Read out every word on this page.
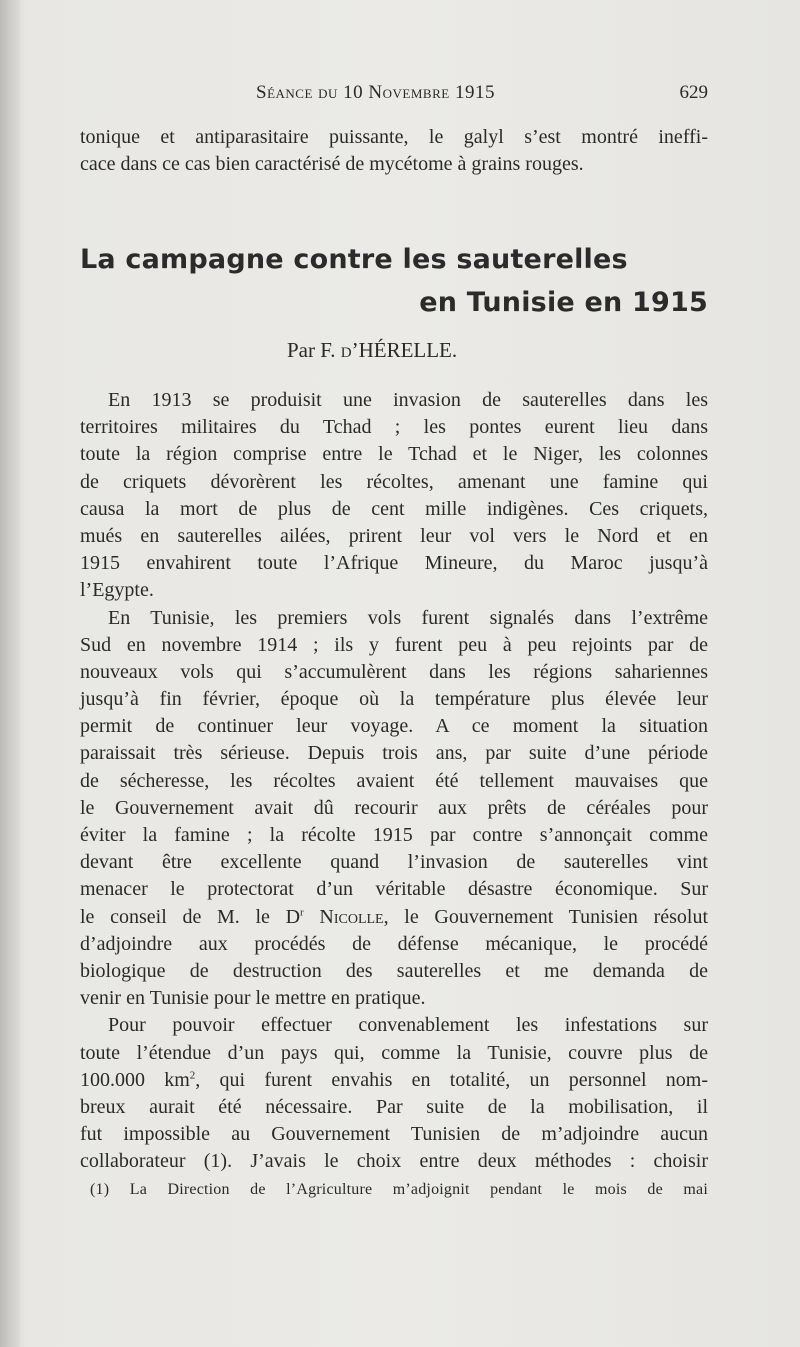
Séance du 10 Novembre 1915	629
tonique et antiparasitaire puissante, le galyl s’est montré ineffi-
cace dans ce cas bien caractérisé de mycétome à grains rouges.
La campagne contre les sauterelles
en Tunisie en 1915
Par F. d’HÉRELLE.
En 1913 se produisit une invasion de sauterelles dans les
territoires militaires du Tchad ; les pontes eurent lieu dans
toute la région comprise entre le Tchad et le Niger, les colonnes
de criquets dévorèrent les récoltes, amenant une famine qui
causa la mort de plus de cent mille indigènes. Ces criquets,
mués en sauterelles ailées, prirent leur vol vers le Nord et en
1915 envahirent toute l’Afrique Mineure, du Maroc jusqu’à
l’Egypte.
En Tunisie, les premiers vols furent signalés dans l’extrême
Sud en novembre 1914 ; ils y furent peu à peu rejoints par de
nouveaux vols qui s’accumulèrent dans les régions sahariennes
jusqu’à fin février, époque où la température plus élevée leur
permit de continuer leur voyage. A ce moment la situation
paraissait très sérieuse. Depuis trois ans, par suite d’une période
de sécheresse, les récoltes avaient été tellement mauvaises que
le Gouvernement avait dû recourir aux prêts de céréales pour
éviter la famine ; la récolte 1915 par contre s’annonçait comme
devant être excellente quand l’invasion de sauterelles vint
menacer le protectorat d’un véritable désastre économique. Sur
le conseil de M. le $D^r$ Nicolle, le Gouvernement Tunisien résolut
d’adjoindre aux procédés de défense mécanique, le procédé
biologique de destruction des sauterelles et me demanda de
venir en Tunisie pour le mettre en pratique.
Pour pouvoir effectuer convenablement les infestations sur
toute l’étendue d’un pays qui, comme la Tunisie, couvre plus de
100.000 $km^2$, qui furent envahis en totalité, un personnel nom-
breux aurait été nécessaire. Par suite de la mobilisation, il
fut impossible au Gouvernement Tunisien de m’adjoindre aucun
collaborateur (1). J’avais le choix entre deux méthodes : choisir
(1) La Direction de l’Agriculture m’adjoignit pendant le mois de mai
